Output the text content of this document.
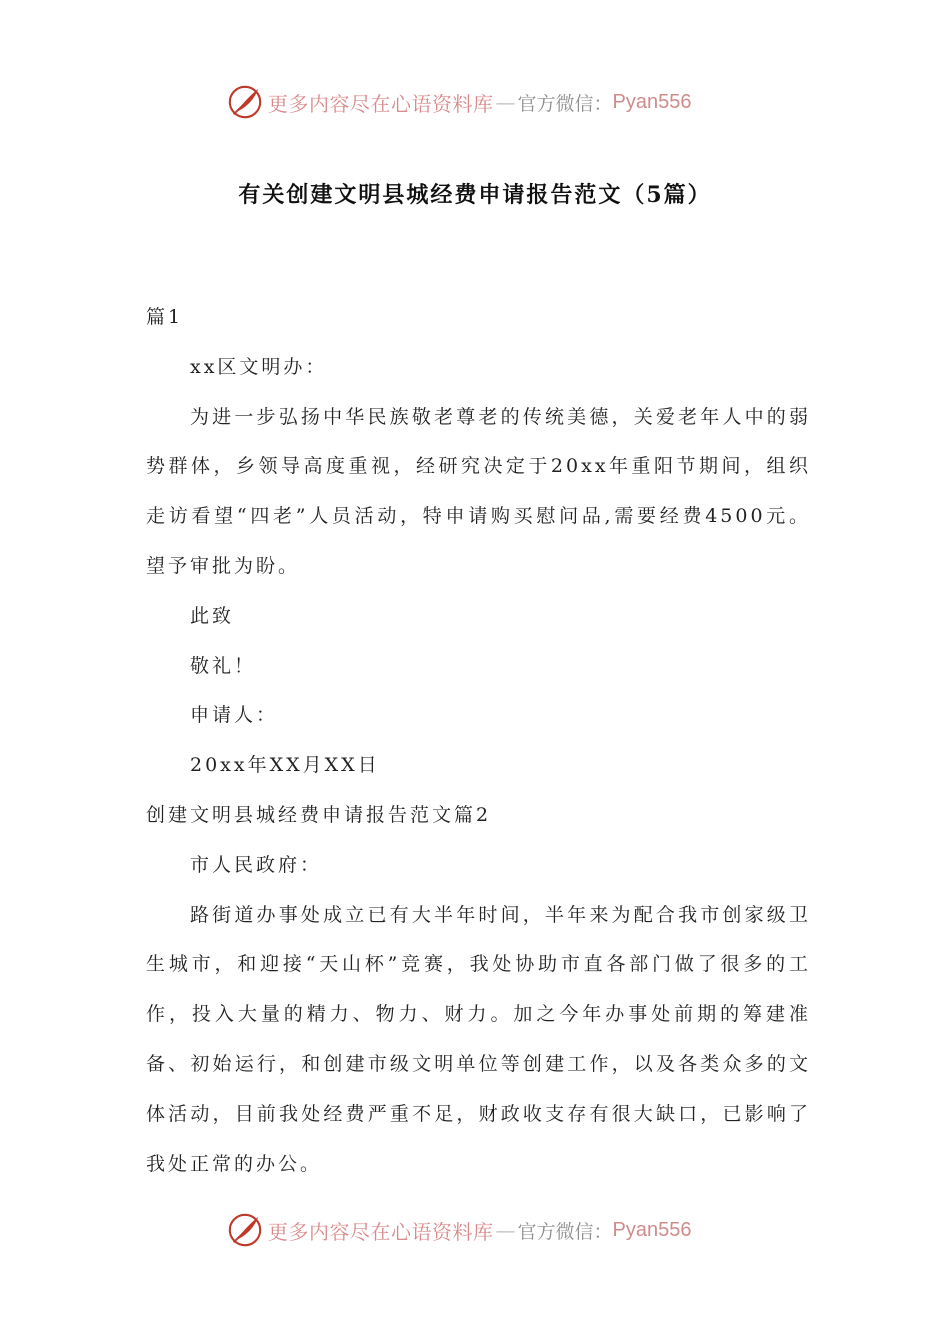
更多内容尽在心语资料库 — 官方微信： Pyan556
有关创建文明县城经费申请报告范文（5篇）

篇1

xx区文明办：

为进一步弘扬中华民族敬老尊老的传统美德，关爱老年人中的弱势群体，乡领导高度重视，经研究决定于20xx年重阳节期间，组织走访看望“四老”人员活动，特申请购买慰问品,需要经费4500元。望予审批为盼。

此致

敬礼！

申请人：

20xx年XX月XX日

创建文明县城经费申请报告范文篇2

市人民政府：

路街道办事处成立已有大半年时间，半年来为配合我市创家级卫生城市，和迎接“天山杯”竞赛，我处协助市直各部门做了很多的工作，投入大量的精力、物力、财力。加之今年办事处前期的筹建准备、初始运行，和创建市级文明单位等创建工作，以及各类众多的文体活动，目前我处经费严重不足，财政收支存有很大缺口，已影响了我处正常的办公。

更多内容尽在心语资料库 — 官方微信： Pyan556
